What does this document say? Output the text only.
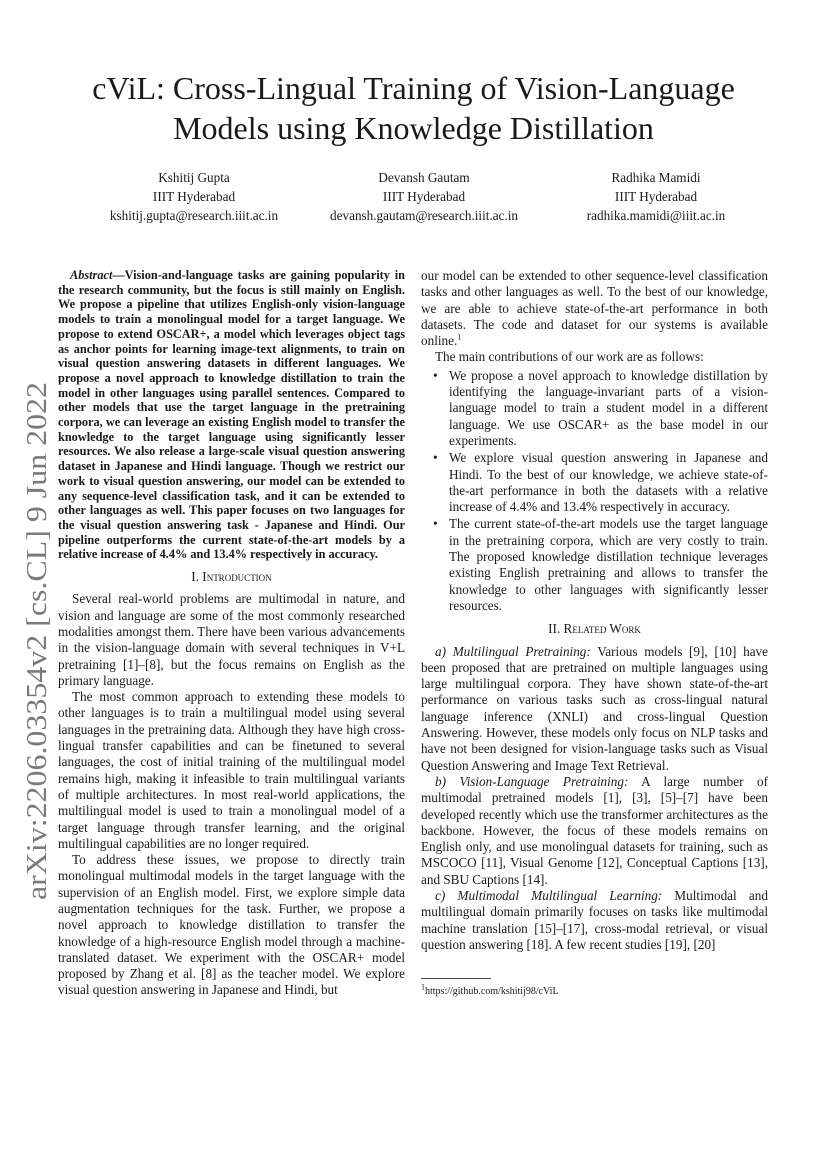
arXiv:2206.03354v2 [cs.CL] 9 Jun 2022
cViL: Cross-Lingual Training of Vision-Language
Models using Knowledge Distillation
Kshitij Gupta
IIIT Hyderabad
kshitij.gupta@research.iiit.ac.in
Devansh Gautam
IIIT Hyderabad
devansh.gautam@research.iiit.ac.in
Radhika Mamidi
IIIT Hyderabad
radhika.mamidi@iiit.ac.in

Abstract—Vision-and-language tasks are gaining popularity in the research community, but the focus is still mainly on English. We propose a pipeline that utilizes English-only vision-language models to train a monolingual model for a target language. We propose to extend OSCAR+, a model which leverages object tags as anchor points for learning image-text alignments, to train on visual question answering datasets in different languages. We propose a novel approach to knowledge distillation to train the model in other languages using parallel sentences. Compared to other models that use the target language in the pretraining corpora, we can leverage an existing English model to transfer the knowledge to the target language using significantly lesser resources. We also release a large-scale visual question answering dataset in Japanese and Hindi language. Though we restrict our work to visual question answering, our model can be extended to any sequence-level classification task, and it can be extended to other languages as well. This paper focuses on two languages for the visual question answering task - Japanese and Hindi. Our pipeline outperforms the current state-of-the-art models by a relative increase of 4.4% and 13.4% respectively in accuracy.

I. Introduction

Several real-world problems are multimodal in nature, and vision and language are some of the most commonly researched modalities amongst them. There have been various advancements in the vision-language domain with several techniques in V+L pretraining [1]–[8], but the focus remains on English as the primary language.

The most common approach to extending these models to other languages is to train a multilingual model using several languages in the pretraining data. Although they have high cross-lingual transfer capabilities and can be finetuned to several languages, the cost of initial training of the multilingual model remains high, making it infeasible to train multilingual variants of multiple architectures. In most real-world applications, the multilingual model is used to train a monolingual model of a target language through transfer learning, and the original multilingual capabilities are no longer required.

To address these issues, we propose to directly train monolingual multimodal models in the target language with the supervision of an English model. First, we explore simple data augmentation techniques for the task. Further, we propose a novel approach to knowledge distillation to transfer the knowledge of a high-resource English model through a machine-translated dataset. We experiment with the OSCAR+ model proposed by Zhang et al. [8] as the teacher model. We explore visual question answering in Japanese and Hindi, but

our model can be extended to other sequence-level classification tasks and other languages as well. To the best of our knowledge, we are able to achieve state-of-the-art performance in both datasets. The code and dataset for our systems is available online.$^1$

The main contributions of our work are as follows:

• We propose a novel approach to knowledge distillation by identifying the language-invariant parts of a vision-language model to train a student model in a different language. We use OSCAR+ as the base model in our experiments.
• We explore visual question answering in Japanese and Hindi. To the best of our knowledge, we achieve state-of-the-art performance in both the datasets with a relative increase of 4.4% and 13.4% respectively in accuracy.
• The current state-of-the-art models use the target language in the pretraining corpora, which are very costly to train. The proposed knowledge distillation technique leverages existing English pretraining and allows to transfer the knowledge to other languages with significantly lesser resources.
II. Related Work

a) Multilingual Pretraining: Various models [9], [10] have been proposed that are pretrained on multiple languages using large multilingual corpora. They have shown state-of-the-art performance on various tasks such as cross-lingual natural language inference (XNLI) and cross-lingual Question Answering. However, these models only focus on NLP tasks and have not been designed for vision-language tasks such as Visual Question Answering and Image Text Retrieval.

b) Vision-Language Pretraining: A large number of multimodal pretrained models [1], [3], [5]–[7] have been developed recently which use the transformer architectures as the backbone. However, the focus of these models remains on English only, and use monolingual datasets for training, such as MSCOCO [11], Visual Genome [12], Conceptual Captions [13], and SBU Captions [14].

c) Multimodal Multilingual Learning: Multimodal and multilingual domain primarily focuses on tasks like multimodal machine translation [15]–[17], cross-modal retrieval, or visual question answering [18]. A few recent studies [19], [20]

$^1$https://github.com/kshitij98/cViL
